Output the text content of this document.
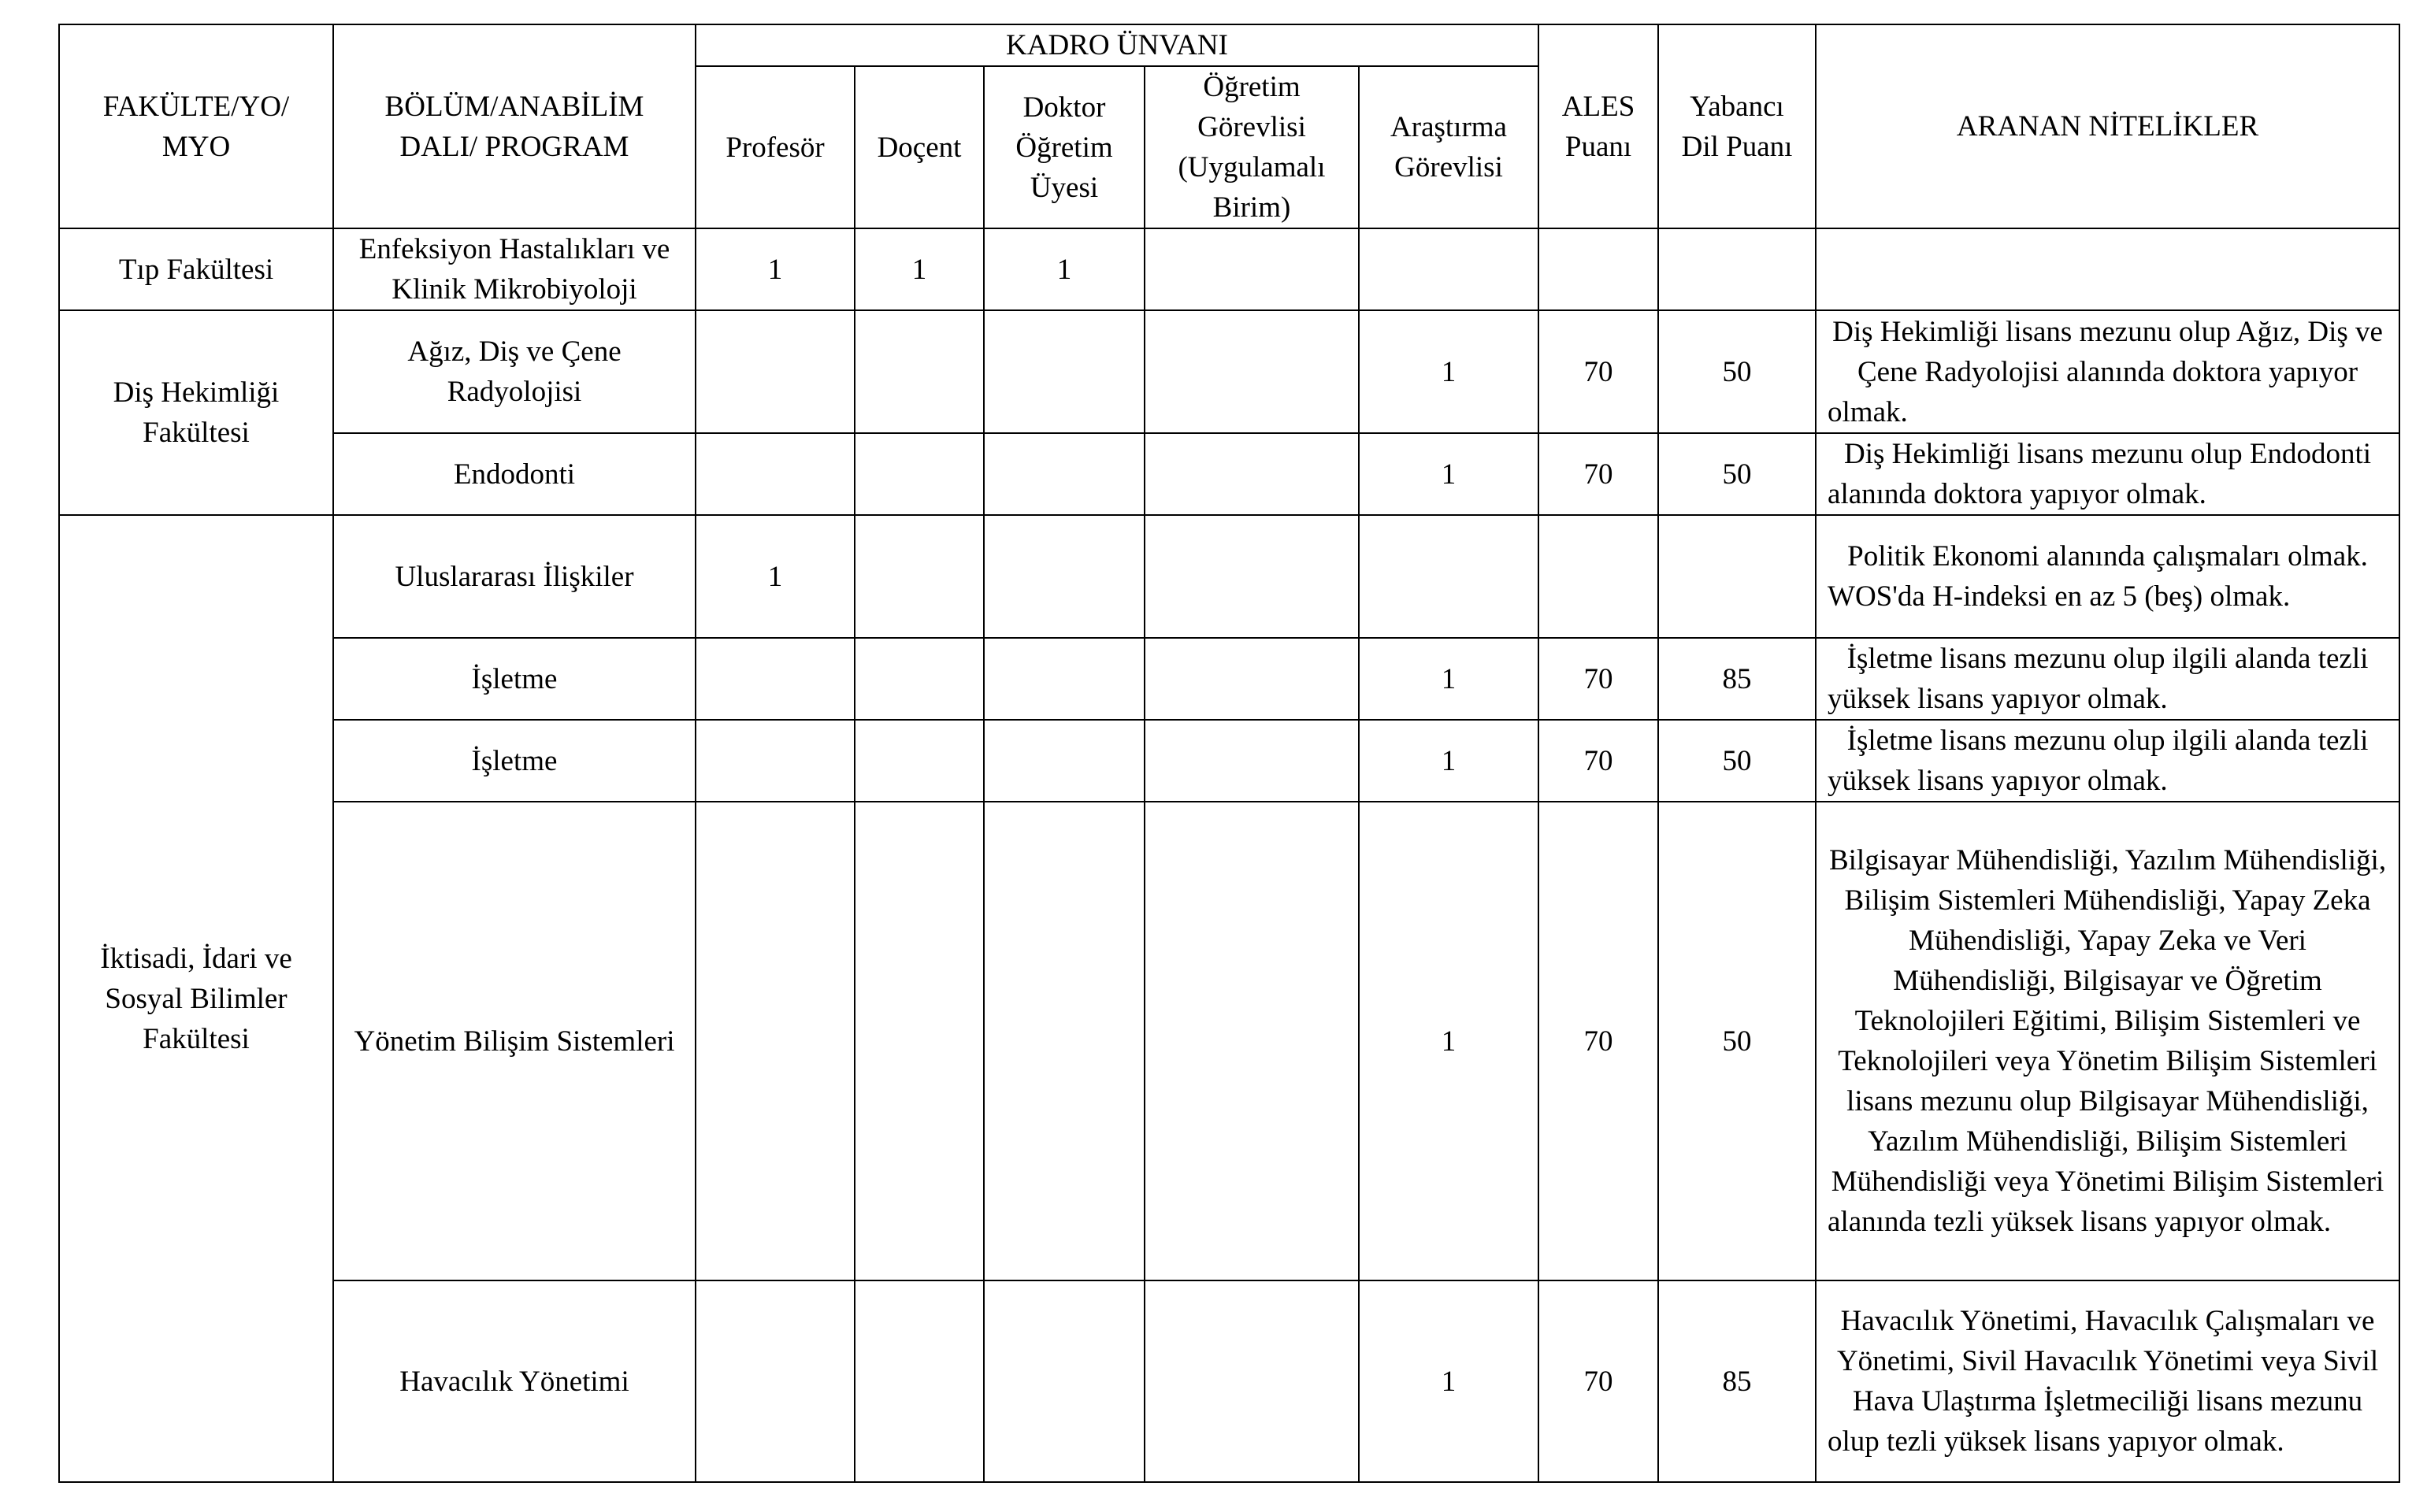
FAKÜLTE/YO/ MYO	BÖLÜM/ANABİLİM DALI/ PROGRAM	KADRO ÜNVANI					ALES Puanı	Yabancı Dil Puanı	ARANAN NİTELİKLER
		Profesör	Doçent	Doktor Öğretim Üyesi	Öğretim Görevlisi (Uygulamalı Birim)	Araştırma Görevlisi			
Tıp Fakültesi	Enfeksiyon Hastalıkları ve Klinik Mikrobiyoloji	1	1	1					
Diş Hekimliği Fakültesi	Ağız, Diş ve Çene Radyolojisi					1	70	50	Diş Hekimliği lisans mezunu olup Ağız, Diş ve Çene Radyolojisi alanında doktora yapıyor olmak.
	Endodonti					1	70	50	Diş Hekimliği lisans mezunu olup Endodonti alanında doktora yapıyor olmak.
İktisadi, İdari ve Sosyal Bilimler Fakültesi	Uluslararası İlişkiler	1							Politik Ekonomi alanında çalışmaları olmak. WOS'da H-indeksi en az 5 (beş) olmak.
	İşletme					1	70	85	İşletme lisans mezunu olup ilgili alanda tezli yüksek lisans yapıyor olmak.
	İşletme					1	70	50	İşletme lisans mezunu olup ilgili alanda tezli yüksek lisans yapıyor olmak.
	Yönetim Bilişim Sistemleri					1	70	50	Bilgisayar Mühendisliği, Yazılım Mühendisliği, Bilişim Sistemleri Mühendisliği, Yapay Zeka Mühendisliği, Yapay Zeka ve Veri Mühendisliği, Bilgisayar ve Öğretim Teknolojileri Eğitimi, Bilişim Sistemleri ve Teknolojileri veya Yönetim Bilişim Sistemleri lisans mezunu olup Bilgisayar Mühendisliği, Yazılım Mühendisliği, Bilişim Sistemleri Mühendisliği veya Yönetimi Bilişim Sistemleri alanında tezli yüksek lisans yapıyor olmak.
	Havacılık Yönetimi					1	70	85	Havacılık Yönetimi, Havacılık Çalışmaları ve Yönetimi, Sivil Havacılık Yönetimi veya Sivil Hava Ulaştırma İşletmeciliği lisans mezunu olup tezli yüksek lisans yapıyor olmak.
